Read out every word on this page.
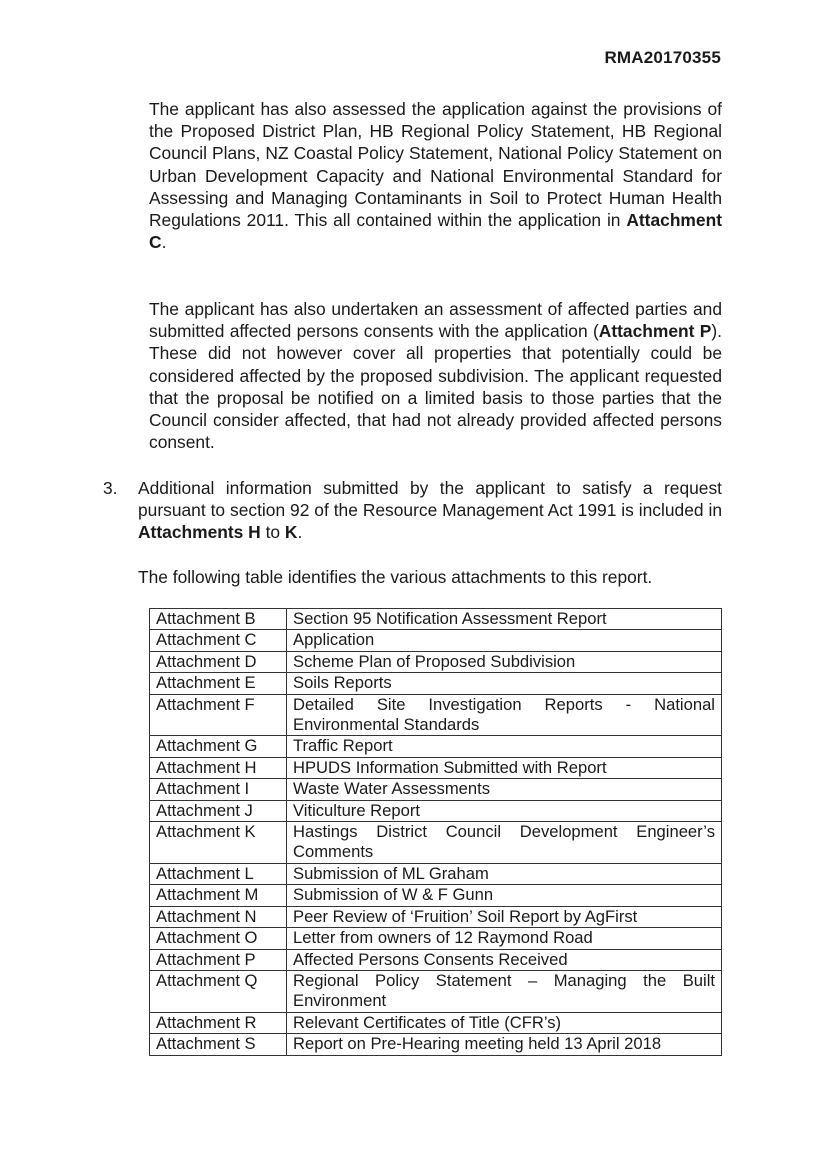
RMA20170355

The applicant has also assessed the application against the provisions of the Proposed District Plan, HB Regional Policy Statement, HB Regional Council Plans, NZ Coastal Policy Statement, National Policy Statement on Urban Development Capacity and National Environmental Standard for Assessing and Managing Contaminants in Soil to Protect Human Health Regulations 2011. This all contained within the application in Attachment C.

The applicant has also undertaken an assessment of affected parties and submitted affected persons consents with the application (Attachment P). These did not however cover all properties that potentially could be considered affected by the proposed subdivision. The applicant requested that the proposal be notified on a limited basis to those parties that the Council consider affected, that had not already provided affected persons consent.

3. Additional information submitted by the applicant to satisfy a request pursuant to section 92 of the Resource Management Act 1991 is included in Attachments H to K.

The following table identifies the various attachments to this report.

Attachment B	Section 95 Notification Assessment Report
Attachment C	Application
Attachment D	Scheme Plan of Proposed Subdivision
Attachment E	Soils Reports
Attachment F	Detailed Site Investigation Reports - National Environmental Standards
Attachment G	Traffic Report
Attachment H	HPUDS Information Submitted with Report
Attachment I	Waste Water Assessments
Attachment J	Viticulture Report
Attachment K	Hastings District Council Development Engineer’s Comments
Attachment L	Submission of ML Graham
Attachment M	Submission of W & F Gunn
Attachment N	Peer Review of ‘Fruition’ Soil Report by AgFirst
Attachment O	Letter from owners of 12 Raymond Road
Attachment P	Affected Persons Consents Received
Attachment Q	Regional Policy Statement – Managing the Built Environment
Attachment R	Relevant Certificates of Title (CFR’s)
Attachment S	Report on Pre-Hearing meeting held 13 April 2018
